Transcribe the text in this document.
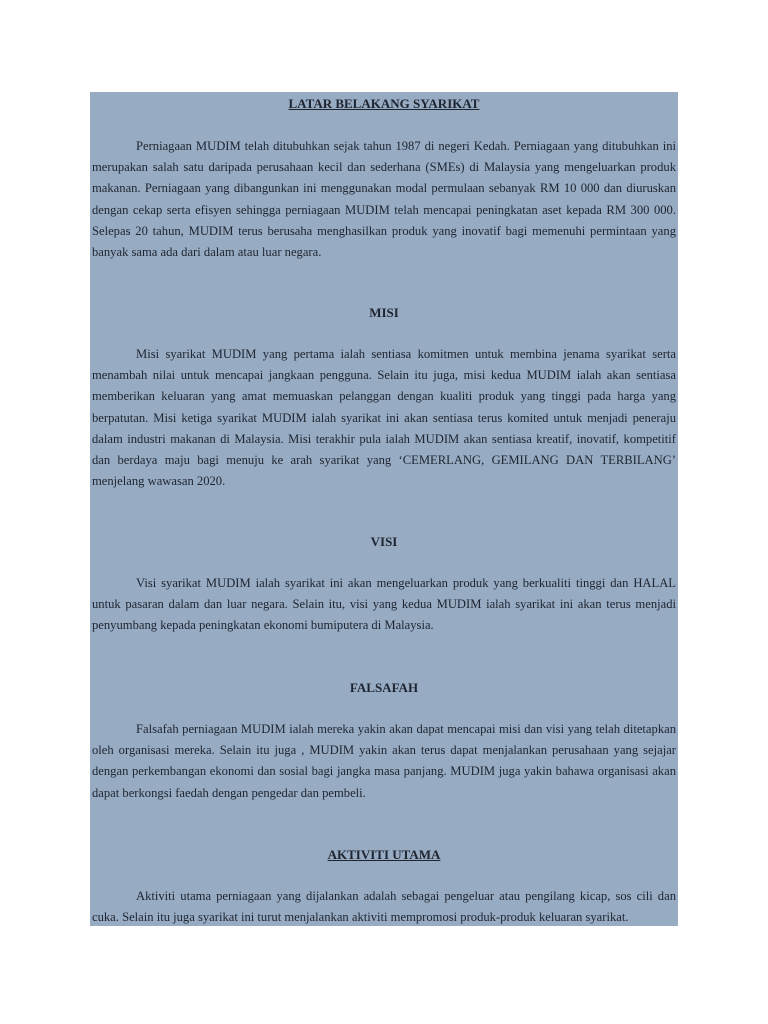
LATAR BELAKANG SYARIKAT

Perniagaan MUDIM telah ditubuhkan sejak tahun 1987 di negeri Kedah. Perniagaan yang ditubuhkan ini merupakan salah satu daripada perusahaan kecil dan sederhana (SMEs) di Malaysia yang mengeluarkan produk makanan. Perniagaan yang dibangunkan ini menggunakan modal permulaan sebanyak RM 10 000 dan diuruskan dengan cekap serta efisyen sehingga perniagaan MUDIM telah mencapai peningkatan aset kepada RM 300 000. Selepas 20 tahun, MUDIM terus berusaha menghasilkan produk yang inovatif bagi memenuhi permintaan yang banyak sama ada dari dalam atau luar negara.

MISI

Misi syarikat MUDIM yang pertama ialah sentiasa komitmen untuk membina jenama syarikat serta menambah nilai untuk mencapai jangkaan pengguna. Selain itu juga, misi kedua MUDIM ialah akan sentiasa memberikan keluaran yang amat memuaskan pelanggan dengan kualiti produk yang tinggi pada harga yang berpatutan. Misi ketiga syarikat MUDIM ialah syarikat ini akan sentiasa terus komited untuk menjadi peneraju dalam industri makanan di Malaysia. Misi terakhir pula ialah MUDIM akan sentiasa kreatif, inovatif, kompetitif dan berdaya maju bagi menuju ke arah syarikat yang ‘CEMERLANG, GEMILANG DAN TERBILANG’ menjelang wawasan 2020.

VISI

Visi syarikat MUDIM ialah syarikat ini akan mengeluarkan produk yang berkualiti tinggi dan HALAL untuk pasaran dalam dan luar negara. Selain itu, visi yang kedua MUDIM ialah syarikat ini akan terus menjadi penyumbang kepada peningkatan ekonomi bumiputera di Malaysia.

FALSAFAH

Falsafah perniagaan MUDIM ialah mereka yakin akan dapat mencapai misi dan visi yang telah ditetapkan oleh organisasi mereka. Selain itu juga , MUDIM yakin akan terus dapat menjalankan perusahaan yang sejajar dengan perkembangan ekonomi dan sosial bagi jangka masa panjang. MUDIM juga yakin bahawa organisasi akan dapat berkongsi faedah dengan pengedar dan pembeli.

AKTIVITI UTAMA

Aktiviti utama perniagaan yang dijalankan adalah sebagai pengeluar atau pengilang kicap, sos cili dan cuka. Selain itu juga syarikat ini turut menjalankan aktiviti mempromosi produk-produk keluaran syarikat.
